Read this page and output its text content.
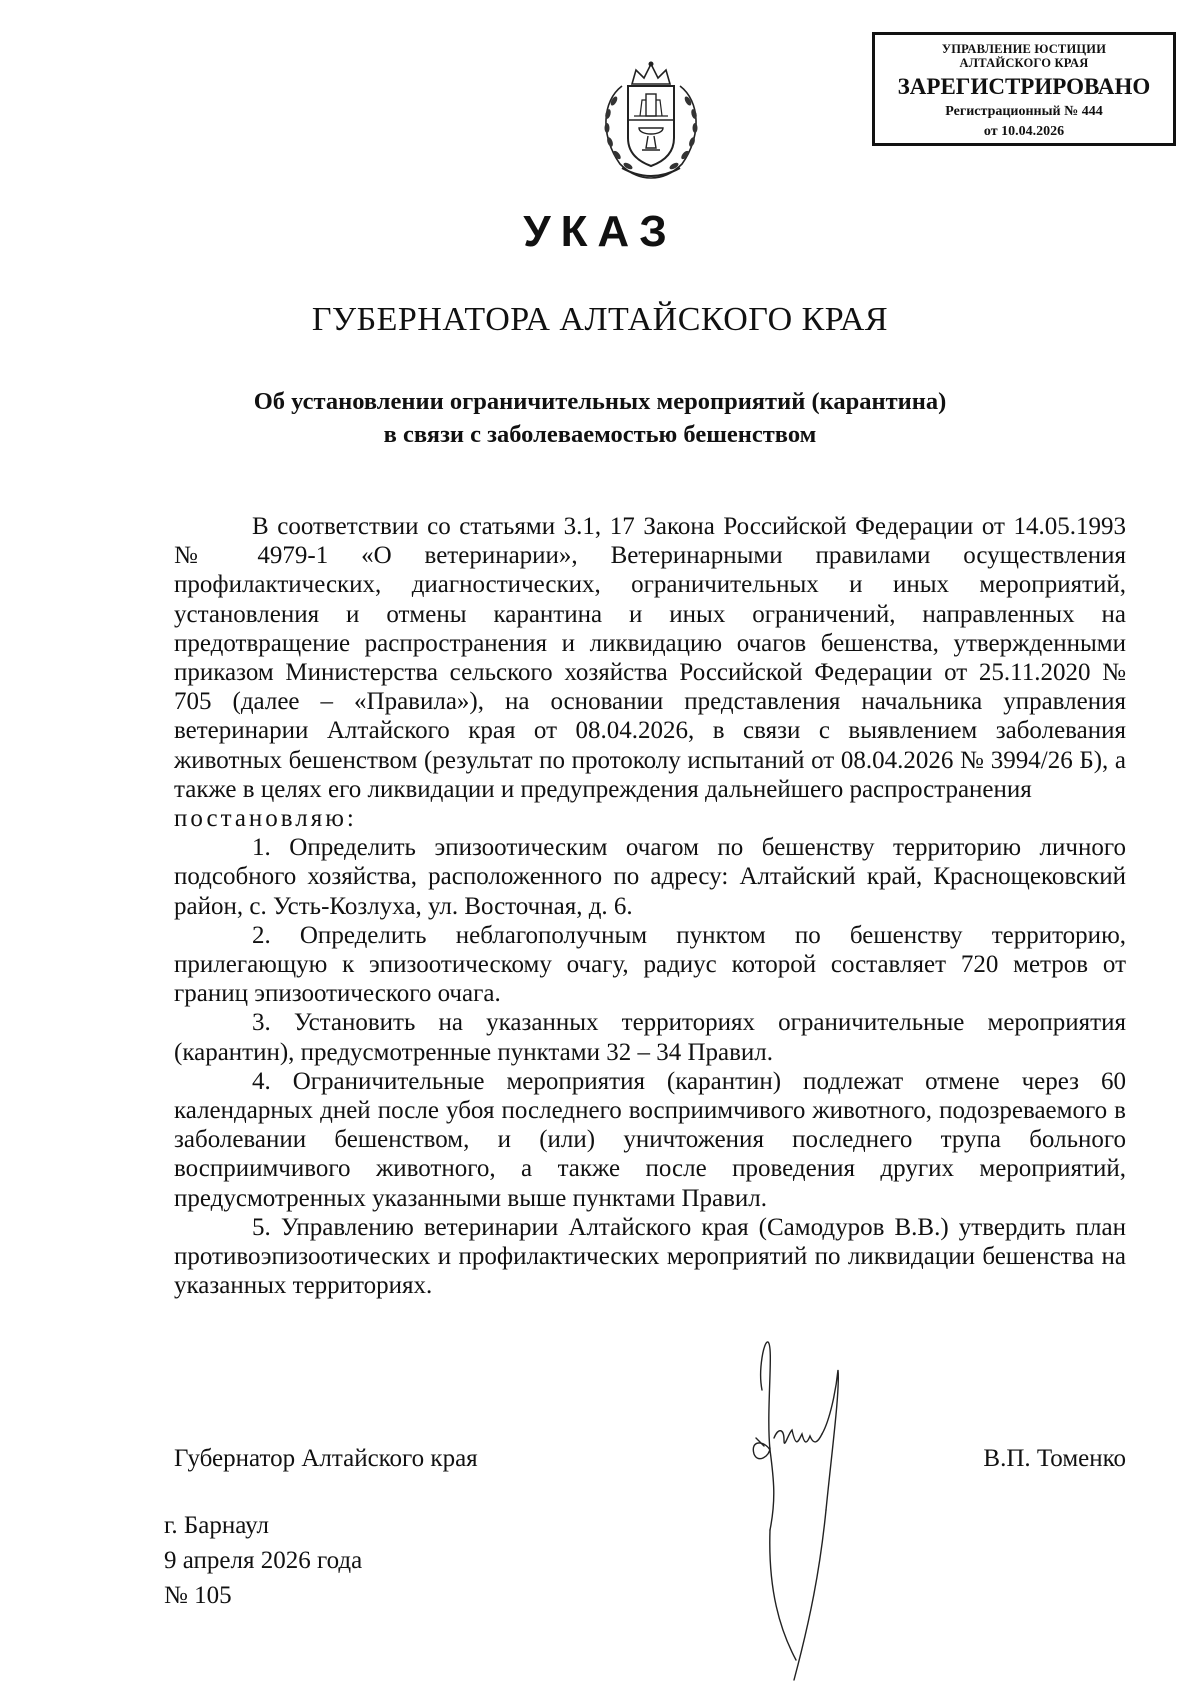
УПРАВЛЕНИЕ ЮСТИЦИИ
АЛТАЙСКОГО КРАЯ
ЗАРЕГИСТРИРОВАНО
Регистрационный № 444
от 10.04.2026
УКАЗ
ГУБЕРНАТОРА АЛТАЙСКОГО КРАЯ
Об установлении ограничительных мероприятий (карантина)
в связи с заболеваемостью бешенством

В соответствии со статьями 3.1, 17 Закона Российской Федерации от 14.05.1993 № 4979-1 «О ветеринарии», Ветеринарными правилами осуществления профилактических, диагностических, ограничительных и иных мероприятий, установления и отмены карантина и иных ограничений, направленных на предотвращение распространения и ликвидацию очагов бешенства, утвержденными приказом Министерства сельского хозяйства Российской Федерации от 25.11.2020 № 705 (далее – «Правила»), на основании представления начальника управления ветеринарии Алтайского края от 08.04.2026, в связи с выявлением заболевания животных бешенством (результат по протоколу испытаний от 08.04.2026 № 3994/26 Б), а также в целях его ликвидации и предупреждения дальнейшего распространения

постановляю:

1. Определить эпизоотическим очагом по бешенству территорию личного подсобного хозяйства, расположенного по адресу: Алтайский край, Краснощековский район, с. Усть-Козлуха, ул. Восточная, д. 6.

2. Определить неблагополучным пунктом по бешенству территорию, прилегающую к эпизоотическому очагу, радиус которой составляет 720 метров от границ эпизоотического очага.

3. Установить на указанных территориях ограничительные мероприятия (карантин), предусмотренные пунктами 32 – 34 Правил.

4. Ограничительные мероприятия (карантин) подлежат отмене через 60 календарных дней после убоя последнего восприимчивого животного, подозреваемого в заболевании бешенством, и (или) уничтожения последнего трупа больного восприимчивого животного, а также после проведения других мероприятий, предусмотренных указанными выше пунктами Правил.

5. Управлению ветеринарии Алтайского края (Самодуров В.В.) утвердить план противоэпизоотических и профилактических мероприятий по ликвидации бешенства на указанных территориях.

Губернатор Алтайского края	В.П. Томенко
г. Барнаул
9 апреля 2026 года
№ 105
